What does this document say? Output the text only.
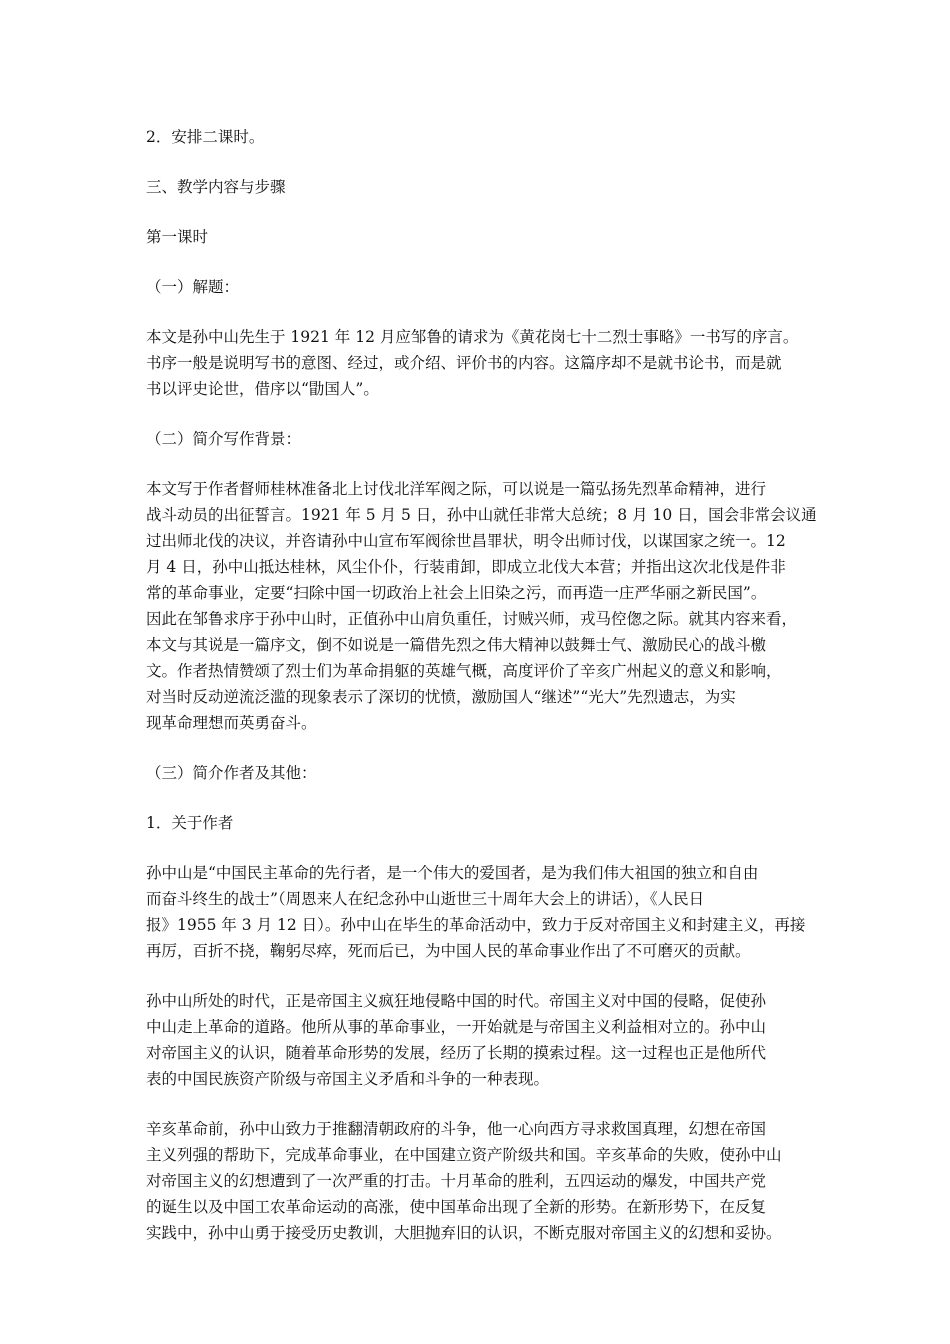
2．安排二课时。

三、教学内容与步骤

第一课时

（一）解题：

本文是孙中山先生于 1921 年 12 月应邹鲁的请求为《黄花岗七十二烈士事略》一书写的序言。

书序一般是说明写书的意图、经过，或介绍、评价书的内容。这篇序却不是就书论书，而是就

书以评史论世，借序以“勖国人”。

（二）简介写作背景：

本文写于作者督师桂林准备北上讨伐北洋军阀之际，可以说是一篇弘扬先烈革命精神，进行

战斗动员的出征誓言。1921 年 5 月 5 日，孙中山就任非常大总统；8 月 10 日，国会非常会议通

过出师北伐的决议，并咨请孙中山宣布军阀徐世昌罪状，明令出师讨伐，以谋国家之统一。12

月 4 日，孙中山抵达桂林，风尘仆仆，行装甫卸，即成立北伐大本营；并指出这次北伐是件非

常的革命事业，定要“扫除中国一切政治上社会上旧染之污，而再造一庄严华丽之新民国”。

因此在邹鲁求序于孙中山时，正值孙中山肩负重任，讨贼兴师，戎马倥偬之际。就其内容来看，

本文与其说是一篇序文，倒不如说是一篇借先烈之伟大精神以鼓舞士气、激励民心的战斗檄

文。作者热情赞颂了烈士们为革命捐躯的英雄气概，高度评价了辛亥广州起义的意义和影响，

对当时反动逆流泛滥的现象表示了深切的忧愤，激励国人“继述”“光大”先烈遗志，为实

现革命理想而英勇奋斗。

（三）简介作者及其他：

1．关于作者

孙中山是“中国民主革命的先行者，是一个伟大的爱国者，是为我们伟大祖国的独立和自由

而奋斗终生的战士”（周恩来人在纪念孙中山逝世三十周年大会上的讲话），《人民日

报》1955 年 3 月 12 日）。孙中山在毕生的革命活动中，致力于反对帝国主义和封建主义，再接

再厉，百折不挠，鞠躬尽瘁，死而后已，为中国人民的革命事业作出了不可磨灭的贡献。

孙中山所处的时代，正是帝国主义疯狂地侵略中国的时代。帝国主义对中国的侵略，促使孙

中山走上革命的道路。他所从事的革命事业，一开始就是与帝国主义利益相对立的。孙中山

对帝国主义的认识，随着革命形势的发展，经历了长期的摸索过程。这一过程也正是他所代

表的中国民族资产阶级与帝国主义矛盾和斗争的一种表现。

辛亥革命前，孙中山致力于推翻清朝政府的斗争，他一心向西方寻求救国真理，幻想在帝国

主义列强的帮助下，完成革命事业，在中国建立资产阶级共和国。辛亥革命的失败，使孙中山

对帝国主义的幻想遭到了一次严重的打击。十月革命的胜利，五四运动的爆发，中国共产党

的诞生以及中国工农革命运动的高涨，使中国革命出现了全新的形势。在新形势下，在反复

实践中，孙中山勇于接受历史教训，大胆抛弃旧的认识，不断克服对帝国主义的幻想和妥协。
